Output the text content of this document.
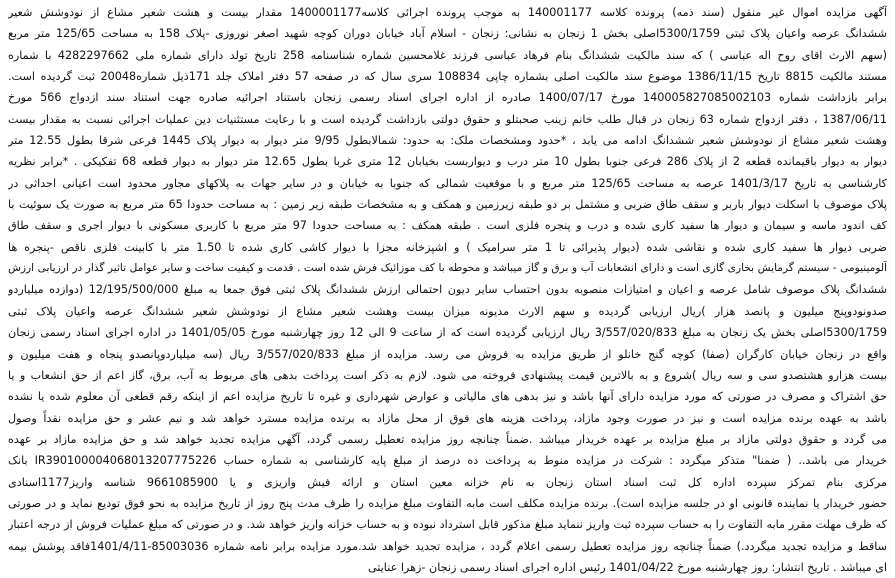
آگهی مزایده اموال غیر منقول (سند ذمه) پرونده کلاسه 140001177 به موجب پرونده اجرائی کلاسه1400001177 مقدار بیست و هشت شعیر مشاع از نودوشش شعیر

ششدانگ عرصه واعیان پلاک ثبتی 5300/1759اصلی بخش 1 زنجان به نشانی: زنجان - اسلام آباد خیابان دوران کوچه شهید اصغر نوروزی -پلاک 158 به مساحت 125/65 متر مربع

(سهم الارث اقای روح اله عباسی ) که سند مالکیت ششدانگ بنام فرهاد عباسی فرزند غلامحسین شماره شناسنامه 258 تاریخ تولد دارای شماره ملی 4282297662 با شماره

مستند مالکیت 8815 تاریخ 1386/11/15 موضوع سند مالکیت اصلی بشماره چاپی 108834 سری سال که در صفحه 57 دفتر املاک جلد 171ذیل شماره20048 ثبت گردیده است.

برابر بازداشت شماره 140005827085002103 مورخ 1400/07/17 صادره از اداره اجرای اسناد رسمی زنجان باستناد اجرائیه صادره جهت استناد سند ازدواج 566 مورخ

1387/06/11 ، دفتر ازدواج شماره 63 زنجان در قبال طلب خانم زینب صحبتلو و حقوق دولتی بازداشت گردیده است و با رعایت مستثنیات دین عملیات اجرائی نسبت به مقدار بیست

وهشت شعیر مشاع از نودوشش شعیر ششدانگ ادامه می یابد ، *حدود ومشخصات ملک: به حدود: شمالابطول 9/95 متر دیوار به دیوار پلاک 1445 فرعی شرقا بطول 12.55 متر

دیوار به دیوار باقیمانده قطعه 2 از پلاک 286 فرعی جنوبا بطول 10 متر درب و دیواربست بخیابان 12 متری غربا بطول 12.65 متر دیوار به دیوار قطعه 68 تفکیکی . *برابر نظریه

کارشناسی به تاریخ 1401/3/17 عرصه به مساحت 125/65 متر مربع و با موقعیت شمالی که جنوبا به خیابان و در سایر جهات به پلاکهای مجاور محدود است اعیانی احداثی در

پلاک موصوف با اسکلت دیوار باربر و سقف طاق ضربی و مشتمل بر دو طبقه زیرزمین و همکف و به مشخصات طبقه زیر زمین : به مساحت حدودا 65 متر مربع به صورت یک سوئیت با

کف اندود ماسه و سیمان و دیوار ها سفید کاری شده و درب و پنجره فلزی است . طبقه همکف : به مساحت حدودا 97 متر مربع با کاربری مسکونی با دیوار اجری و سقف طاق

ضربی دیوار ها سفید کاری شده و نقاشی شده (دیوار پذیرائی تا 1 متر سرامیک ) و اشپزخانه مجزا با دیوار کاشی کاری شده تا 1.50 متر با کابینت فلزی ناقص -پنجره ها

آلومینیومی - سیستم گرمایش بخاری گازی است و دارای انشعابات آب و برق و گاز میباشد و محوطه با کف موزائیک فرش شده است . قدمت و کیفیت ساخت و سایر عوامل تاثیر گذار در ارزیابی ارزش

ششدانگ پلاک موصوف شامل عرصه و اعیان و امتیازات منصوبه بدون احتساب سایر دیون احتمالی ارزش ششدانگ پلاک ثبتی فوق جمعا به مبلغ 12/195/500/000 (دوازده میلیاردو

صدونودوپنج میلیون و پانصد هزار )ریال ارزیابی گردیده و سهم الارث مدیونه میزان بیست وهشت شعیر مشاع از نودوشش شعیر ششدانگ عرصه واعیان پلاک ثبتی

5300/1759اصلی بخش یک زنجان به مبلغ 3/557/020/833 ریال ارزیابی گردیده است که از ساعت 9 الی 12 روز چهارشنبه مورخ 1401/05/05 در اداره اجرای اسناد رسمی زنجان

واقع در زنجان خیابان کارگران (صفا) کوچه گنج خانلو از طریق مزایده به فروش می رسد. مزایده از مبلغ 3/557/020/833 ریال (سه میلیاردوپانصدو پنجاه و هفت میلیون و

بیست هزارو هشتصدو سی و سه ریال )شروع و به بالاترین قیمت پیشنهادی فروخته می شود. لازم به ذکر است پرداخت بدهی های مربوط به آب، برق، گاز اعم از حق انشعاب و یا

حق اشتراک و مصرف در صورتی که مورد مزایده دارای آنها باشد و نیز بدهی های مالیاتی و عوارض شهرداری و غیره تا تاریخ مزایده اعم از اینکه رقم قطعی آن معلوم شده یا نشده

باشد به عهده برنده مزایده است و نیز در صورت وجود مازاد، پرداخت هزینه های فوق از محل مازاد به برنده مزایده مسترد خواهد شد و نیم عشر و حق مزایده نقداً وصول

می گردد و حقوق دولتی مازاد بر مبلغ مزایده بر عهده خریدار میباشد .ضمناً چنانچه روز مزایده تعطیل رسمی گردد، آگهی مزایده تجدید خواهد شد و حق مزایده مازاد بر عهده

خریدار می باشد.. ( ضمنا" متذکر میگردد : شرکت در مزایده منوط به پرداخت ده درصد از مبلغ پایه کارشناسی به شماره حساب IR390100004068013207775226 بانک

مرکزی بنام تمرکز سپرده اداره کل ثبت اسناد استان زنجان به نام خزانه معین استان و ارائه فیش واریزی و یا 9661085900 شناسه واریز1177اسنادی

حضور خریدار یا نماینده قانونی او در جلسه مزایده است). برنده مزایده مکلف است مابه التفاوت مبلغ مزایده را ظرف مدت پنج روز از تاریخ مزایده به نحو فوق تودیع نماید و در صورتی

که ظرف مهلت مقرر مابه التفاوت را به حساب سپرده ثبت واریز ننماید مبلغ مذکور قابل استرداد نبوده و به حساب خزانه واریز خواهد شد. و در صورتی که مبلغ عملیات فروش از درجه اعتبار

ساقط و مزایده تجدید میگردد.) ضمناً چنانچه روز مزایده تعطیل رسمی اعلام گردد ، مزایده تجدید خواهد شد.مورد مزایده برابر نامه شماره 85003036-1401/4/11فاقد پوشش بیمه

ای میباشد . تاریخ انتشار: روز چهارشنبه مورخ 1401/04/22 رئیس اداره اجرای اسناد رسمی زنجان -زهرا عنایتی
